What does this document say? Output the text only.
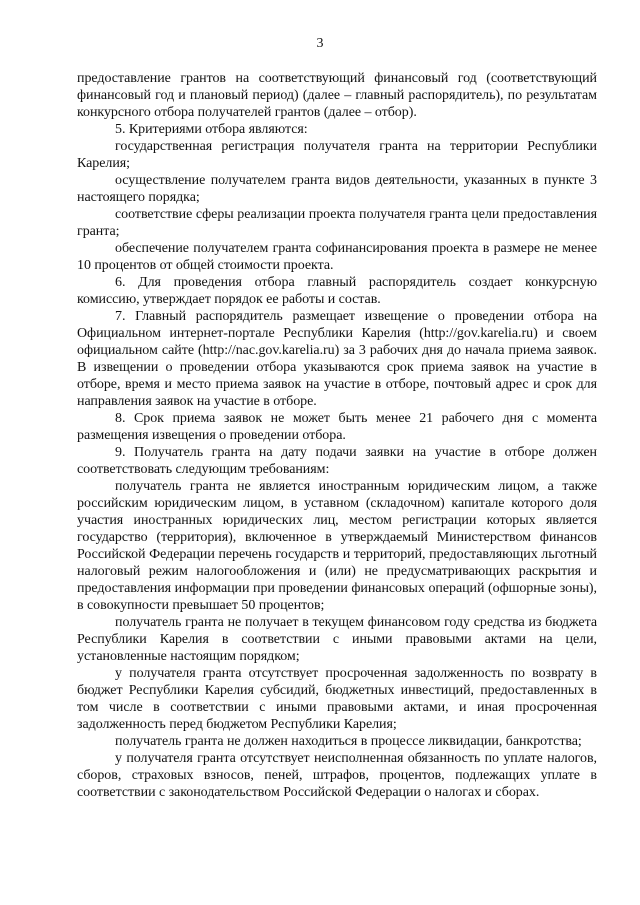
3

предоставление грантов на соответствующий финансовый год (соответствующий финансовый год и плановый период) (далее – главный распорядитель), по результатам конкурсного отбора получателей грантов (далее – отбор).

5. Критериями отбора являются:

государственная регистрация получателя гранта на территории Республики Карелия;

осуществление получателем гранта видов деятельности, указанных в пункте 3 настоящего порядка;

соответствие сферы реализации проекта получателя гранта цели предоставления гранта;

обеспечение получателем гранта софинансирования проекта в размере не менее 10 процентов от общей стоимости проекта.

6. Для проведения отбора главный распорядитель создает конкурсную комиссию, утверждает порядок ее работы и состав.

7. Главный распорядитель размещает извещение о проведении отбора на Официальном интернет-портале Республики Карелия (http://gov.karelia.ru) и своем официальном сайте (http://nac.gov.karelia.ru) за 3 рабочих дня до начала приема заявок. В извещении о проведении отбора указываются срок приема заявок на участие в отборе, время и место приема заявок на участие в отборе, почтовый адрес и срок для направления заявок на участие в отборе.

8. Срок приема заявок не может быть менее 21 рабочего дня с момента размещения извещения о проведении отбора.

9. Получатель гранта на дату подачи заявки на участие в отборе должен соответствовать следующим требованиям:

получатель гранта не является иностранным юридическим лицом, а также российским юридическим лицом, в уставном (складочном) капитале которого доля участия иностранных юридических лиц, местом регистрации которых является государство (территория), включенное в утверждаемый Министерством финансов Российской Федерации перечень государств и территорий, предоставляющих льготный налоговый режим налогообложения и (или) не предусматривающих раскрытия и предоставления информации при проведении финансовых операций (офшорные зоны), в совокупности превышает 50 процентов;

получатель гранта не получает в текущем финансовом году средства из бюджета Республики Карелия в соответствии с иными правовыми актами на цели, установленные настоящим порядком;

у получателя гранта отсутствует просроченная задолженность по возврату в бюджет Республики Карелия субсидий, бюджетных инвестиций, предоставленных в том числе в соответствии с иными правовыми актами, и иная просроченная задолженность перед бюджетом Республики Карелия;

получатель гранта не должен находиться в процессе ликвидации, банкротства;

у получателя гранта отсутствует неисполненная обязанность по уплате налогов, сборов, страховых взносов, пеней, штрафов, процентов, подлежащих уплате в соответствии с законодательством Российской Федерации о налогах и сборах.
